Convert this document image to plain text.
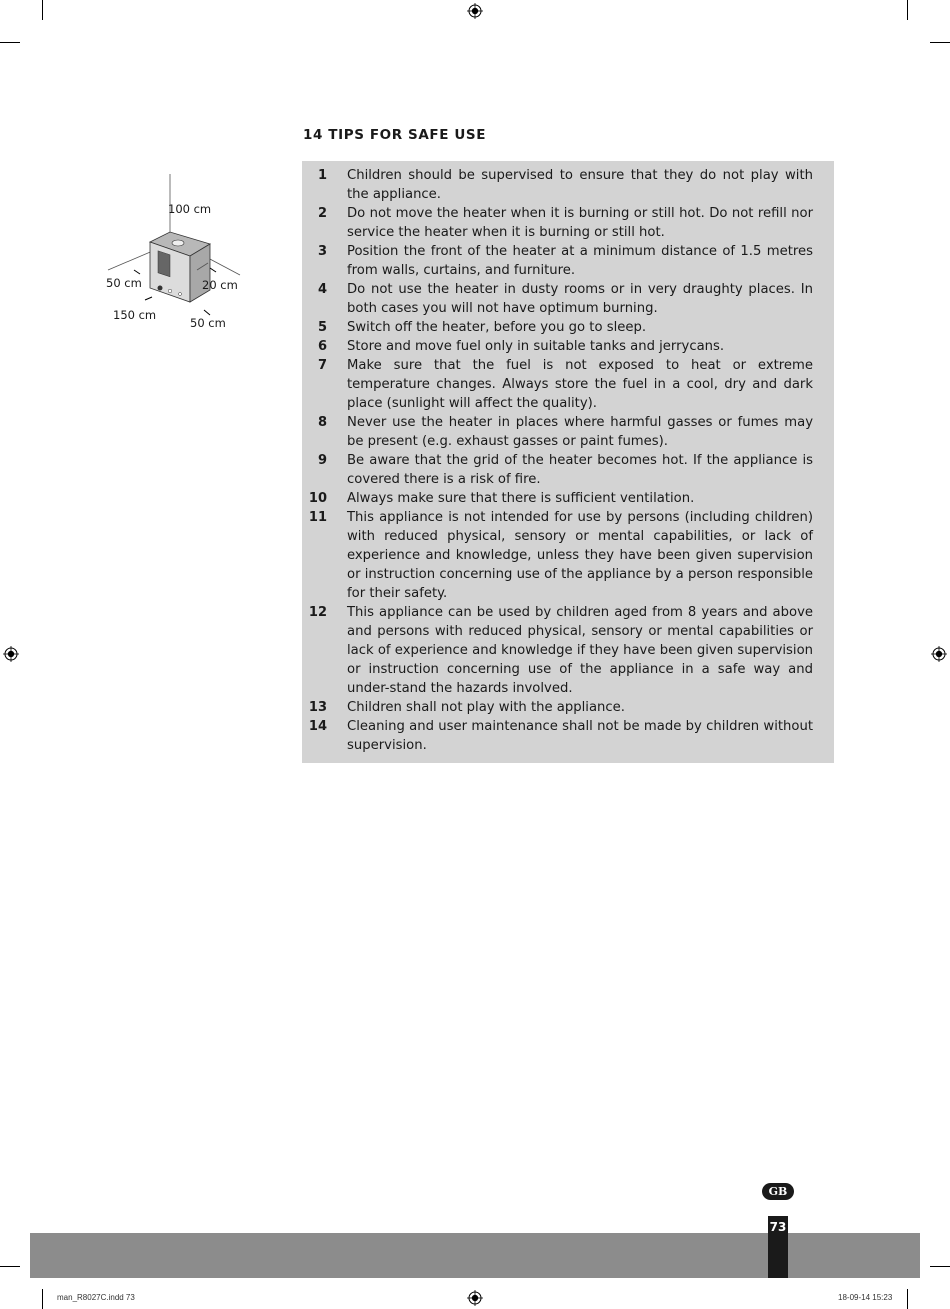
100 cm
50 cm	20 cm
150 cm
50 cm
14 TIPS FOR SAFE USE
1 Children should be supervised to ensure that they do not play with the appliance.
2 Do not move the heater when it is burning or still hot. Do not refill nor service the heater when it is burning or still hot.
3 Position the front of the heater at a minimum distance of 1.5 metres from walls, curtains, and furniture.
4 Do not use the heater in dusty rooms or in very draughty places. In both cases you will not have optimum burning.
5 Switch off the heater, before you go to sleep.
6 Store and move fuel only in suitable tanks and jerrycans.
7 Make sure that the fuel is not exposed to heat or extreme temperature changes. Always store the fuel in a cool, dry and dark place (sunlight will affect the quality).
8 Never use the heater in places where harmful gasses or fumes may be present (e.g. exhaust gasses or paint fumes).
9 Be aware that the grid of the heater becomes hot. If the appliance is covered there is a risk of fire.
10 Always make sure that there is sufficient ventilation.
11 This appliance is not intended for use by persons (including children) with reduced physical, sensory or mental capabilities, or lack of experience and knowledge, unless they have been given supervision or instruction concerning use of the appliance by a person responsible for their safety.
12 This appliance can be used by children aged from 8 years and above and persons with reduced physical, sensory or mental capabilities or lack of experience and knowledge if they have been given supervision or instruction concerning use of the appliance in a safe way and under-stand the hazards involved.
13 Children shall not play with the appliance.
14 Cleaning and user maintenance shall not be made by children without supervision.
GB
73
man_R8027C.indd 73	18-09-14 15:23
